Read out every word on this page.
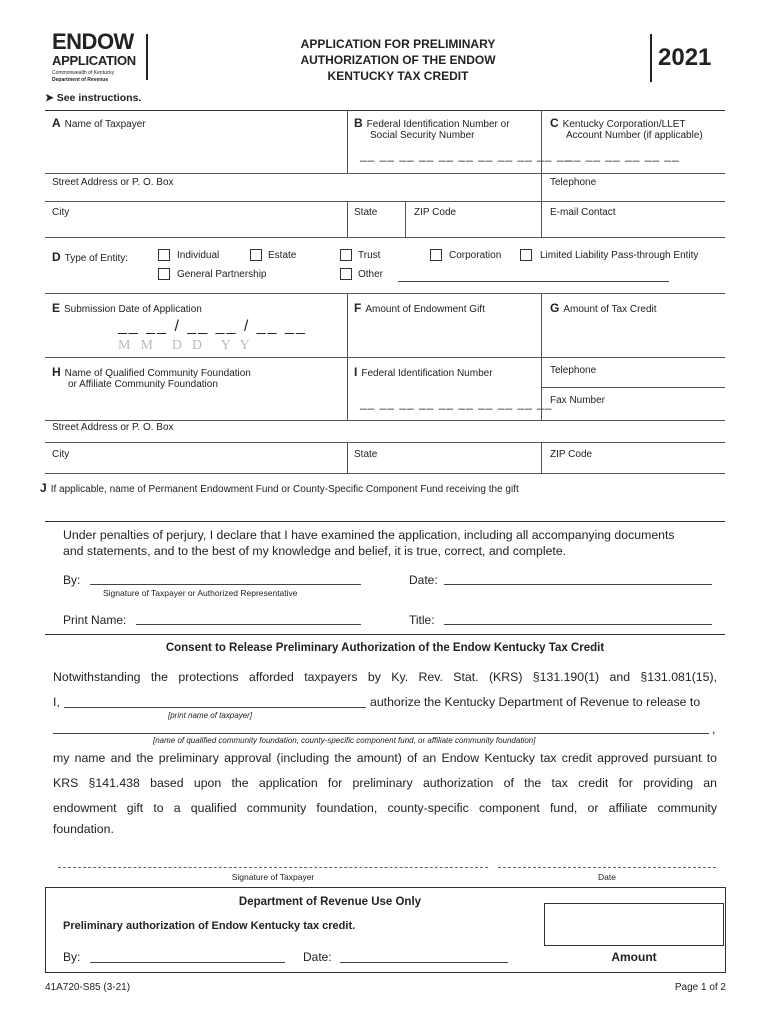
ENDOW
APPLICATION
Commonwealth of Kentucky
Department of Revenue
APPLICATION FOR PRELIMINARY
AUTHORIZATION OF THE ENDOW
KENTUCKY TAX CREDIT
2021
➤ See instructions.
A Name of Taxpayer	B Federal Identification Number or
Social Security Number
__ __ __ __ __ __ __ __ __ __ __
C Kentucky Corporation/LLET
Account Number (if applicable)
__ __ __ __ __ __
Street Address or P. O. Box	Telephone
City	State	ZIP Code	E-mail Contact
D Type of Entity:	Individual	Estate	Trust	Corporation	Limited Liability Pass-through Entity
General Partnership	Other
E Submission Date of Application
__ __ / __ __ / __ __
M  M    D  D    Y  Y
F Amount of Endowment Gift	G Amount of Tax Credit
H Name of Qualified Community Foundation
or Affiliate Community Foundation
I Federal Identification Number
__ __ __ __ __ __ __ __ __ __
Telephone
Fax Number
Street Address or P. O. Box
City	State	ZIP Code
J If applicable, name of Permanent Endowment Fund or County-Specific Component Fund receiving the gift
Under penalties of perjury, I declare that I have examined the application, including all accompanying documents
and statements, and to the best of my knowledge and belief, it is true, correct, and complete.
By:
Signature of Taxpayer or Authorized Representative
Date:
Print Name:	Title:
Consent to Release Preliminary Authorization of the Endow Kentucky Tax Credit
Notwithstanding the protections afforded taxpayers by Ky. Rev. Stat. (KRS) §131.190(1) and §131.081(15),
I,	authorize the Kentucky Department of Revenue to release to
[print name of taxpayer]
,
[name of qualified community foundation, county-specific component fund, or affiliate community foundation]
my name and the preliminary approval (including the amount) of an Endow Kentucky tax credit approved pursuant to
KRS §141.438 based upon the application for preliminary authorization of the tax credit for providing an
endowment gift to a qualified community foundation, county-specific component fund, or affiliate community
foundation.
Signature of Taxpayer	Date
Department of Revenue Use Only
Preliminary authorization of Endow Kentucky tax credit.
By:	Date:	Amount
41A720-S85 (3-21)	Page 1 of 2
